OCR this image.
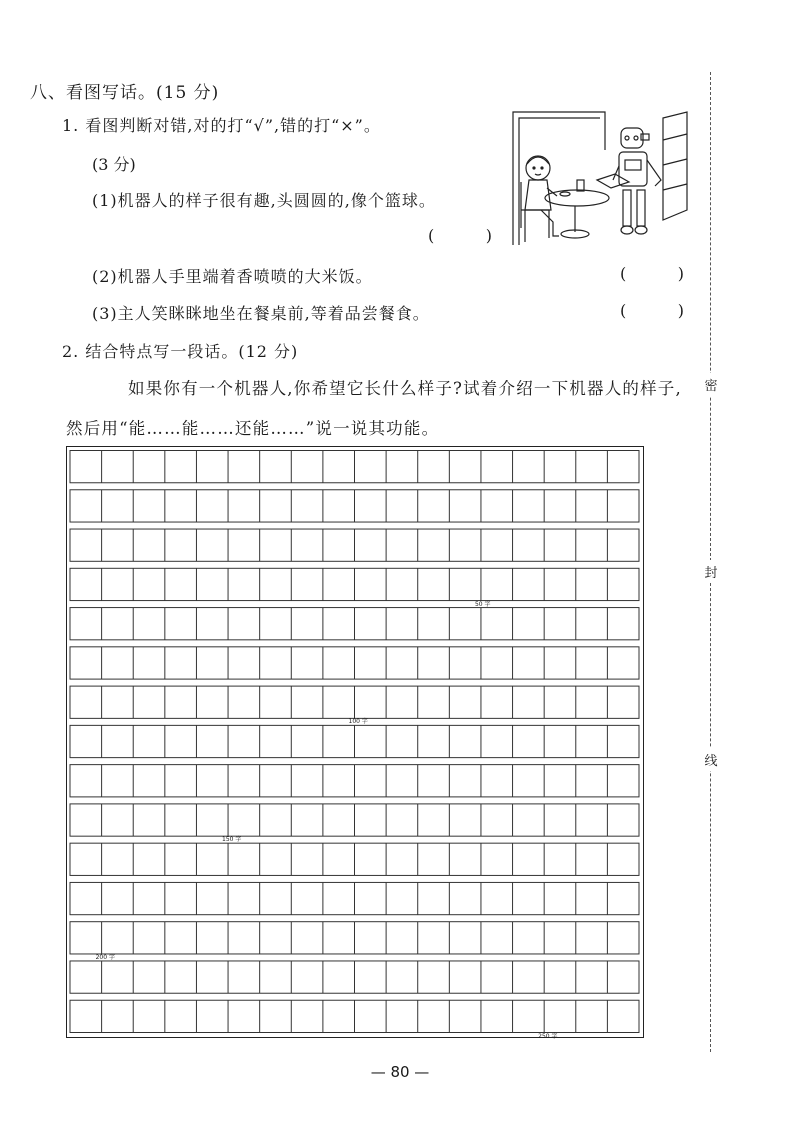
八、看图写话。(15 分)
1. 看图判断对错,对的打“√”,错的打“×”。
(3 分)
(1)机器人的样子很有趣,头圆圆的,像个篮球。
(	)
(2)机器人手里端着香喷喷的大米饭。	(	)
(3)主人笑眯眯地坐在餐桌前,等着品尝餐食。	(	)
2. 结合特点写一段话。(12 分)
如果你有一个机器人,你希望它长什么样子?试着介绍一下机器人的样子,然后用“能……能……还能……”说一说其功能。
50 字
100 字
150 字
200 字
250 字
— 80 —
密
封
线
